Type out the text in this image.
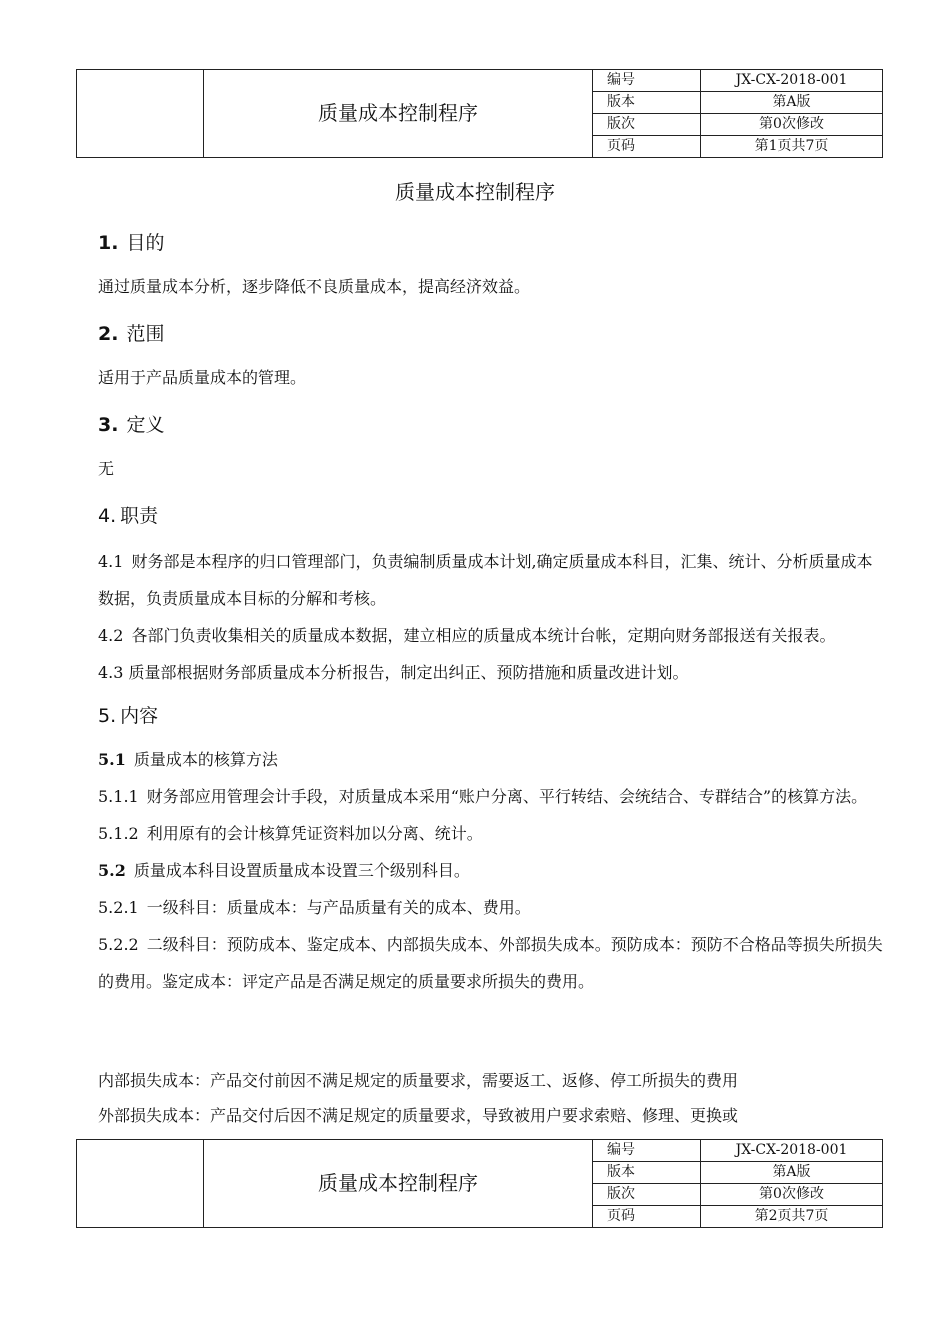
	质量成本控制程序	编号	JX-CX-2018-001
		版本	第A版
		版次	第0次修改
		页码	第1页共7页
质量成本控制程序
1. 目的

通过质量成本分析，逐步降低不良质量成本，提高经济效益。

2. 范围

适用于产品质量成本的管理。

3. 定义

无

4. 职责

4.1 财务部是本程序的归口管理部门，负责编制质量成本计划,确定质量成本科目，汇集、统计、分析质量成本数据，负责质量成本目标的分解和考核。

4.2 各部门负责收集相关的质量成本数据，建立相应的质量成本统计台帐，定期向财务部报送有关报表。

4.3 质量部根据财务部质量成本分析报告，制定出纠正、预防措施和质量改进计划。

5. 内容

5.1 质量成本的核算方法

5.1.1 财务部应用管理会计手段，对质量成本采用“账户分离、平行转结、会统结合、专群结合”的核算方法。

5.1.2 利用原有的会计核算凭证资料加以分离、统计。

5.2 质量成本科目设置质量成本设置三个级别科目。

5.2.1 一级科目：质量成本：与产品质量有关的成本、费用。

5.2.2 二级科目：预防成本、鉴定成本、内部损失成本、外部损失成本。预防成本：预防不合格品等损失所损失的费用。鉴定成本：评定产品是否满足规定的质量要求所损失的费用。

内部损失成本：产品交付前因不满足规定的质量要求，需要返工、返修、停工所损失的费用

外部损失成本：产品交付后因不满足规定的质量要求，导致被用户要求索赔、修理、更换或

	质量成本控制程序	编号	JX-CX-2018-001
		版本	第A版
		版次	第0次修改
		页码	第2页共7页
